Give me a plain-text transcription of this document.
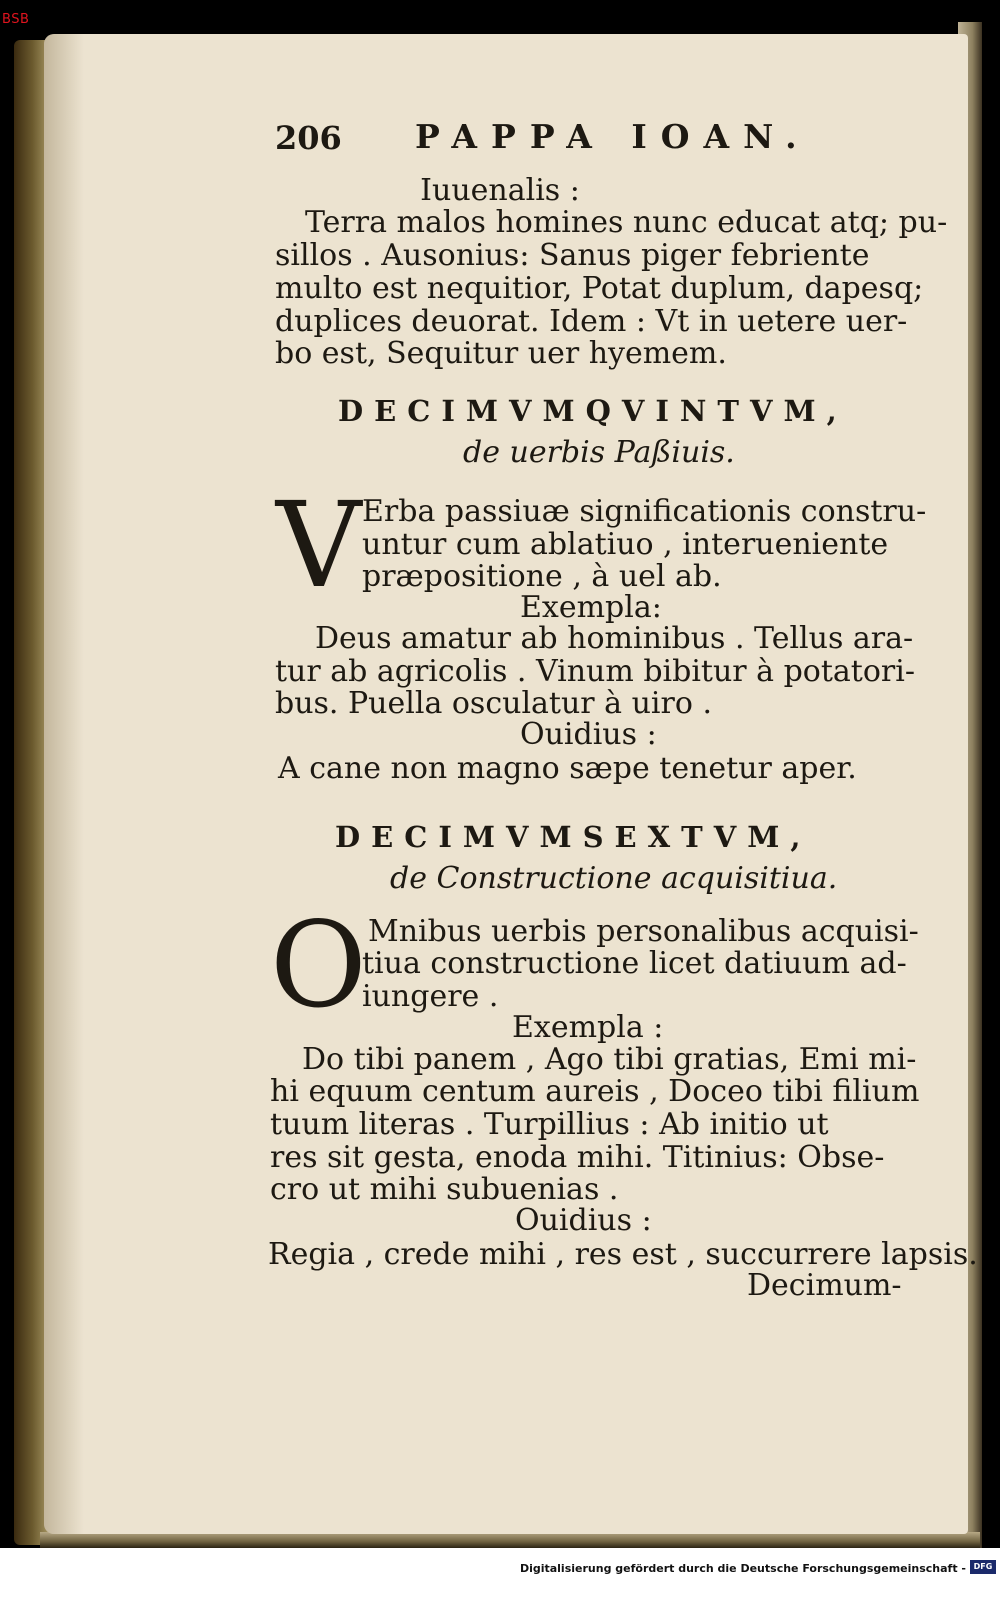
BSB
206 PAPPA IOAN.
Iuuenalis :
Terra malos homines nunc educat atq; pu-
sillos . Ausonius: Sanus piger febriente
multo est nequitior, Potat duplum, dapesq;
duplices deuorat. Idem : Vt in uetere uer-
bo est, Sequitur uer hyemem.
DECIMVMQVINTVM,
de uerbis Paßiuis.
V Erba passiuæ significationis constru-
untur cum ablatiuo , interueniente
præpositione , à uel ab.
Exempla:
Deus amatur ab hominibus . Tellus ara-
tur ab agricolis . Vinum bibitur à potatori-
bus. Puella osculatur à uiro .
Ouidius :
A cane non magno sæpe tenetur aper.
DECIMVMSEXTVM,
de Constructione acquisitiua.
O Mnibus uerbis personalibus acquisi-
tiua constructione licet datiuum ad-
iungere .
Exempla :
Do tibi panem , Ago tibi gratias, Emi mi-
hi equum centum aureis , Doceo tibi filium
tuum literas . Turpillius : Ab initio ut
res sit gesta, enoda mihi. Titinius: Obse-
cro ut mihi subuenias .
Ouidius :
Regia , crede mihi , res est , succurrere lapsis.
Decimum-
Digitalisierung gefördert durch die Deutsche Forschungsgemeinschaft - DFG
